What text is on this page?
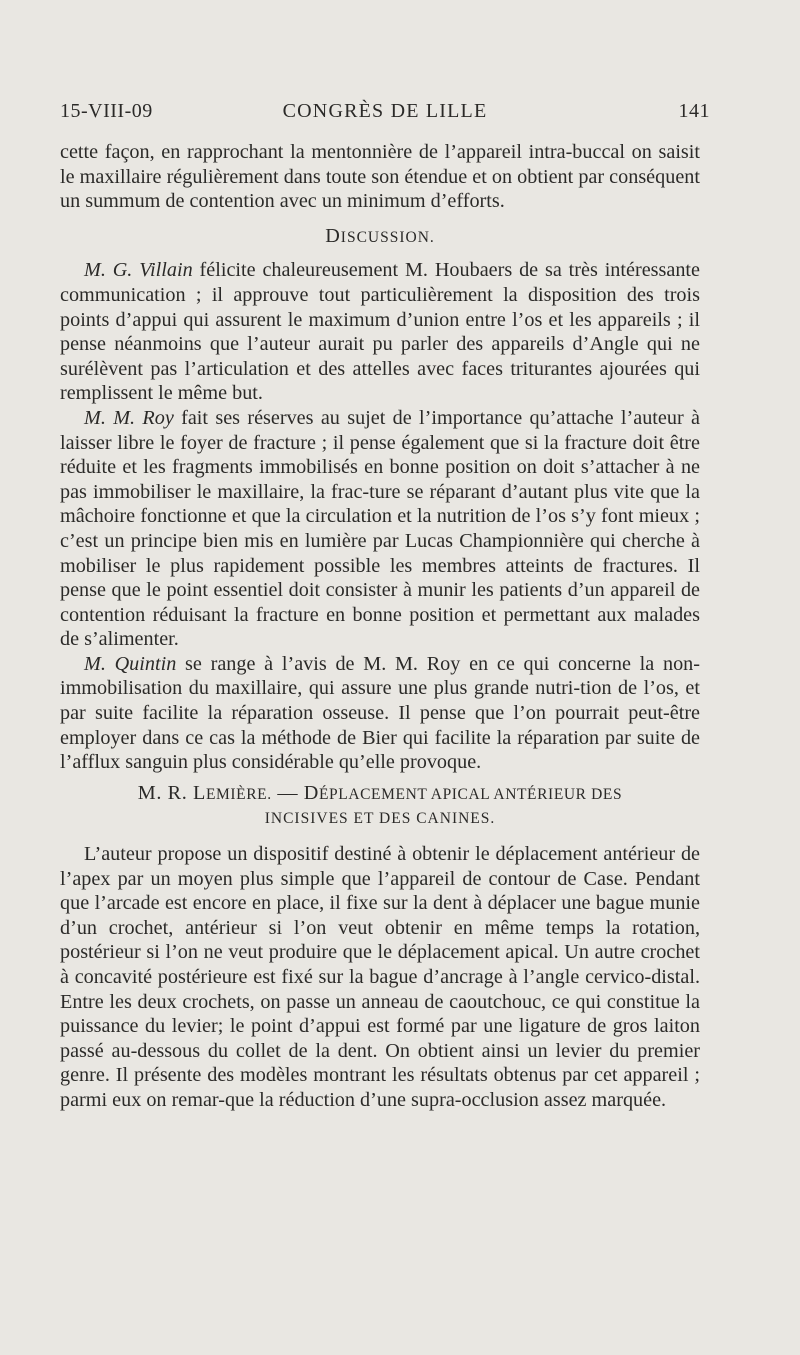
15-VIII-09	CONGRÈS DE LILLE	141

cette façon, en rapprochant la mentonnière de l’appareil intra-buccal on saisit le maxillaire régulièrement dans toute son étendue et on obtient par conséquent un summum de contention avec un minimum d’efforts.

DISCUSSION.

M. G. Villain félicite chaleureusement M. Houbaers de sa très intéressante communication ; il approuve tout particulièrement la disposition des trois points d’appui qui assurent le maximum d’union entre l’os et les appareils ; il pense néanmoins que l’auteur aurait pu parler des appareils d’Angle qui ne surélèvent pas l’articulation et des attelles avec faces triturantes ajourées qui remplissent le même but.

M. M. Roy fait ses réserves au sujet de l’importance qu’attache l’auteur à laisser libre le foyer de fracture ; il pense également que si la fracture doit être réduite et les fragments immobilisés en bonne position on doit s’attacher à ne pas immobiliser le maxillaire, la frac-ture se réparant d’autant plus vite que la mâchoire fonctionne et que la circulation et la nutrition de l’os s’y font mieux ; c’est un principe bien mis en lumière par Lucas Championnière qui cherche à mobiliser le plus rapidement possible les membres atteints de fractures. Il pense que le point essentiel doit consister à munir les patients d’un appareil de contention réduisant la fracture en bonne position et permettant aux malades de s’alimenter.

M. Quintin se range à l’avis de M. M. Roy en ce qui concerne la non-immobilisation du maxillaire, qui assure une plus grande nutri-tion de l’os, et par suite facilite la réparation osseuse. Il pense que l’on pourrait peut-être employer dans ce cas la méthode de Bier qui facilite la réparation par suite de l’afflux sanguin plus considérable qu’elle provoque.

M. R. LEMIÈRE. — DÉPLACEMENT APICAL ANTÉRIEUR DES
INCISIVES ET DES CANINES.

L’auteur propose un dispositif destiné à obtenir le déplacement antérieur de l’apex par un moyen plus simple que l’appareil de contour de Case. Pendant que l’arcade est encore en place, il fixe sur la dent à déplacer une bague munie d’un crochet, antérieur si l’on veut obtenir en même temps la rotation, postérieur si l’on ne veut produire que le déplacement apical. Un autre crochet à concavité postérieure est fixé sur la bague d’ancrage à l’angle cervico-distal. Entre les deux crochets, on passe un anneau de caoutchouc, ce qui constitue la puissance du levier; le point d’appui est formé par une ligature de gros laiton passé au-dessous du collet de la dent. On obtient ainsi un levier du premier genre. Il présente des modèles montrant les résultats obtenus par cet appareil ; parmi eux on remar-que la réduction d’une supra-occlusion assez marquée.
